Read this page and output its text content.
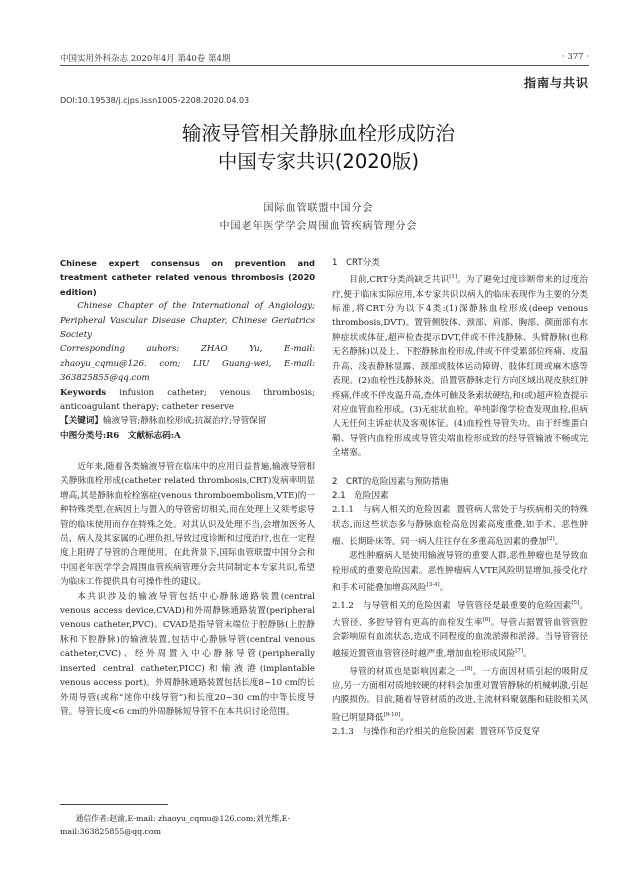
中国实用外科杂志 2020年4月 第40卷 第4期	· 377 ·
指南与共识
DOI:10.19538/j.cjps.issn1005-2208.2020.04.03
输液导管相关静脉血栓形成防治
中国专家共识(2020版)
国际血管联盟中国分会
中国老年医学学会周围血管疾病管理分会

Chinese expert consensus on prevention and treatment catheter related venous thrombosis (2020 edition)

Chinese Chapter of the International of Angiology; Peripheral Vascular Disease Chapter, Chinese Geriatrics Society

Corresponding auhors: ZHAO Yu, E-mail: zhaoyu_cqmu@126. com; LIU Guang-wei, E-mail: 363825855@qq.com

Keywords infusion catheter; venous thrombosis; anticoagulant therapy; catheter reserve

【关键词】输液导管;静脉血栓形成;抗凝治疗;导管保留

中图分类号:R6　文献标志码:A

近年来,随着各类输液导管在临床中的应用日益普遍,输液导管相关静脉血栓形成(catheter related thrombosis,CRT)发病率明显增高,其是静脉血栓栓塞症(venous thromboembolism,VTE)的一种特殊类型,在病因上与置入的导管密切相关,而在处理上又须考虑导管的临床使用而存在特殊之处。对其认识及处理不当,会增加医务人员、病人及其家属的心理负担,导致过度诊断和过度治疗,也在一定程度上阻碍了导管的合理使用。在此背景下,国际血管联盟中国分会和中国老年医学学会周围血管疾病管理分会共同制定本专家共识,希望为临床工作提供具有可操作性的建议。

本共识涉及的输液导管包括中心静脉通路装置(central venous access device,CVAD)和外周静脉通路装置(peripheral venous catheter,PVC)。CVAD是指导管末端位于腔静脉(上腔静脉和下腔静脉)的输液装置,包括中心静脉导管(central venous catheter,CVC)、经外周置入中心静脉导管(peripherally inserted central catheter,PICC)和输液港(implantable venous access port)。外周静脉通路装置包括长度8~10 cm的长外周导管(或称“迷你中线导管”)和长度20~30 cm的中等长度导管。导管长度<6 cm的外周静脉短导管不在本共识讨论范围。

通信作者:赵渝,E-mail: zhaoyu_cqmu@126.com;刘光维,E-mail:363825855@qq.com

1　CRT分类

目前,CRT分类尚缺乏共识[1]。为了避免过度诊断带来的过度治疗,便于临床实际应用,本专家共识以病人的临床表现作为主要的分类标准,将CRT分为以下4类:(1)深静脉血栓形成(deep venous thrombosis,DVT)。置管侧肢体、颈部、肩部、胸部、颜面部有水肿症状或体征,超声检查提示DVT,伴或不伴浅静脉、头臂静脉(也称无名静脉)以及上、下腔静脉血栓形成,伴或不伴受累部位疼痛、皮温升高、浅表静脉显露、颈部或肢体运动障碍、肢体红斑或麻木感等表现。(2)血栓性浅静脉炎。沿置管静脉走行方向区域出现皮肤红肿疼痛,伴或不伴皮温升高,查体可触及条索状硬结,和(或)超声检查提示对应血管血栓形成。(3)无症状血栓。单纯影像学检查发现血栓,但病人无任何主诉症状及客观体征。(4)血栓性导管失功。由于纤维蛋白鞘、导管内血栓形成或导管尖端血栓形成致的经导管输液不畅或完全堵塞。

2　CRT的危险因素与预防措施

2.1　危险因素

2.1.1　与病人相关的危险因素 置管病人常处于与疾病相关的特殊状态,而这些状态多与静脉血栓高危因素高度重叠,如手术、恶性肿瘤、长期卧床等。同一病人往往存在多重高危因素的叠加[2]。

恶性肿瘤病人是使用输液导管的重要人群,恶性肿瘤也是导致血栓形成的重要危险因素。恶性肿瘤病人VTE风险明显增加,接受化疗和手术可能叠加增高风险[3-4]。

2.1.2　与导管相关的危险因素 导管管径是最重要的危险因素[5]。大管径、多腔导管有更高的血栓发生率[6]。导管占据置管血管管腔会影响原有血流状态,造成不同程度的血流淤滞和淤滞。当导管管径越接近置管血管管径时越严重,增加血栓形成风险[7]。

导管的材质也是影响因素之一[8]。一方面因材质引起的吸附反应,另一方面相对质地较硬的材料会加重对置管静脉的机械刺激,引起内膜损伤。目前,随着导管材质的改进,主流材料聚氨酯和硅胶相关风险已明显降低[9-10]。

2.1.3　与操作和治疗相关的危险因素 置管环节反复穿
